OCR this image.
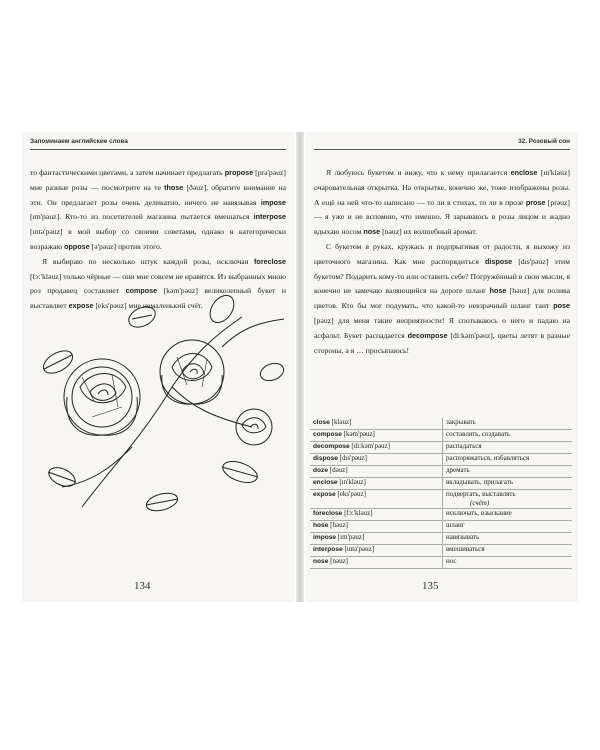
Запоминаем английские слова

то фантастическими цветами, а затем начинает предлагать propose [prə'pəuz] мне разные розы — посмотрите на те those [ðəuz], обратите внимание на эти. Он предлагает розы очень деликатно, ничего не навязывая impose [ım'pəuz]. Кто-то из посетителей магазина пытается вмешаться interpose [ıntə'pəuz] в мой выбор со своими советами, однако я категорически возражаю oppose [ə'pəuz] против этого.

Я выбираю по несколько штук каждой розы, исключая foreclose [fɔ:'kləuz] только чёрные — они мне совсем не нравятся. Из выбранных мною роз продавец составляет compose [kəm'pəuz] великолепный букет и выставляет expose [eks'pəuz] мне немаленький счёт.

134
32. Розовый сон

Я любуюсь букетом и вижу, что к нему прилагается enclose [ın'kləuz] очаровательная открытка. На открытке, конечно же, тоже изображены розы. А ещё на ней что-то написано — то ли в стихах, то ли в прозе prose [prəuz] — я уже и не вспомню, что именно. Я зарываюсь в розы лицом и жадно вдыхаю носом nose [nəuz] их волшебный аромат.

С букетом в руках, кружась и подпрыгивая от радости, я выхожу из цветочного магазина. Как мне распорядиться dispose [dıs'pəuz] этим букетом? Подарить кому-то или оставить себе? Погружённый в свои мысли, я конечно не замечаю валяющийся на дороге шланг hose [həuz] для полива цветов. Кто бы мог подумать, что какой-то невзрачный шланг таит pose [pəuz] для меня такие неприятности! Я спотыкаюсь о него и падаю на асфальт. Букет распадается decompose [di:kəm'pəuz], цветы летят в разные стороны, а я … просыпаюсь!

close [kləuz]	закрывать
compose [kəm'pəuz]	составлять, создавать
decompose [di:kəm'pəuz]	распадаться
dispose [dıs'pəuz]	распоряжаться, избавляться
doze [dəuz]	дремать
enclose [ın'kləuz]	вкладывать, прилагать
expose [eks'pəuz]	подвергать, выставлять
(счёт)
foreclose [fɔ:'kləuz]	исключать, взыскание
hose [həuz]	шланг
impose [ım'pəuz]	навязывать
interpose [ıntə'pəuz]	вмешиваться
nose [nəuz]	нос
135
